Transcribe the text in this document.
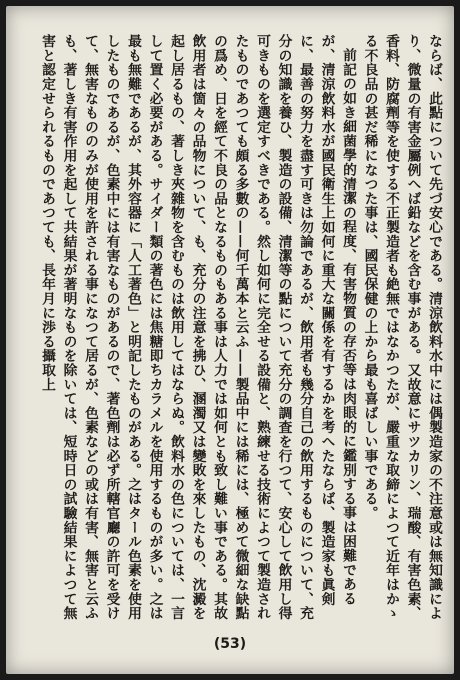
ならば、此點について先づ安心である。清涼飲料水中には偶製造家の不注意或は無知識により、微量の有害金屬例へば鉛などを含む事がある。又故意にサツカリン、瑞酸、有害色素、香料、防腐劑等を使する不正製造者も絶無ではなかつたが、嚴重な取締によつて近年はかゝる不良品の甚だ稀になつた事は、國民保健の上から最も喜ばしい事である。

前記の如き細菌學的清潔の程度、有害物質の存否等は肉眼的に鑑別する事は困難であるが、清涼飲料水が國民衛生上如何に重大な關係を有するかを考へたならば、製造家も眞剣に、最善の努力を盡す可きは勿論であるが、飲用者も幾分自己の飲用するものについて、充分の知識を養ひ、製造の設備、清潔等の點について充分の調査を行つて、安心して飲用し得可きものを選定すべきである。然し如何に完全せる設備と、熟練せる技術によつて製造されたものであつても頗る多數の——何千萬本と云ふ——製品中には稀には、極めて微細な缺點の爲め、日を經て不良の品となるものもある事は人力では如何とも致し難い事である。其故飲用者は箇々の品物について、も、充分の注意を拂ひ、溷濁又は變敗を來したもの、沈澱を起し居るもの、著しき夾雜物を含むものは飲用してはならぬ。飲料水の色については、一言して置く必要がある。サイダー類の著色には焦糖即ちカラメルを使用するものが多い。之は最も無難であるが、其外容器に「人工著色」と明記したものがある。之はタール色素を使用したものであるが、色素中には有害なものがあるので、著色劑は必ず所轄官廳の許可を受けて、無害なもののみが使用を許される事になつて居るが、色素などの或は有害、無害と云ふも、著しき有害作用を起して共結果が著明なものを除いては、短時日の試驗結果によつて無害と認定せられるものであつても、長年月に渉る攝取上

(53)
